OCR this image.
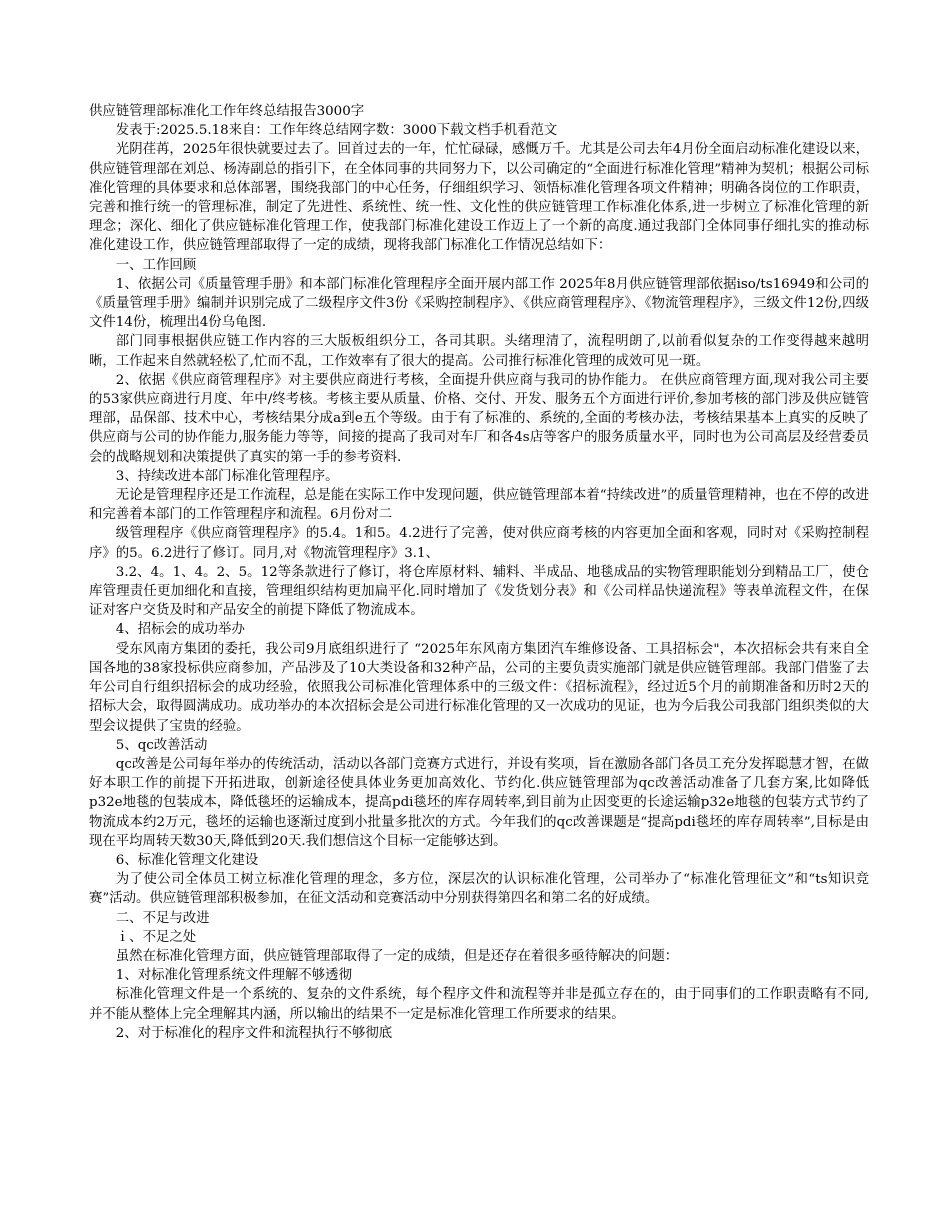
供应链管理部标准化工作年终总结报告3000字

发表于:2025.5.18来自：工作年终总结网字数：3000下载文档手机看范文

光阴荏苒，2025年很快就要过去了。回首过去的一年，忙忙碌碌，感慨万千。尤其是公司去年4月份全面启动标准化建设以来，供应链管理部在刘总、杨涛副总的指引下，在全体同事的共同努力下，以公司确定的“全面进行标准化管理”精神为契机；根据公司标准化管理的具体要求和总体部署，围绕我部门的中心任务，仔细组织学习、领悟标准化管理各项文件精神；明确各岗位的工作职责，完善和推行统一的管理标准，制定了先进性、系统性、统一性、文化性的供应链管理工作标准化体系,进一步树立了标准化管理的新理念；深化、细化了供应链标准化管理工作，使我部门标准化建设工作迈上了一个新的高度.通过我部门全体同事仔细扎实的推动标准化建设工作，供应链管理部取得了一定的成绩，现将我部门标准化工作情况总结如下：

一、工作回顾

1、依据公司《质量管理手册》和本部门标准化管理程序全面开展内部工作 2025年8月供应链管理部依据iso/ts16949和公司的《质量管理手册》编制并识别完成了二级程序文件3份《采购控制程序》、《供应商管理程序》、《物流管理程序》，三级文件12份,四级文件14份，梳理出4份乌龟图.

部门同事根据供应链工作内容的三大版板组织分工，各司其职。头绪理清了，流程明朗了,以前看似复杂的工作变得越来越明晰，工作起来自然就轻松了,忙而不乱，工作效率有了很大的提高。公司推行标准化管理的成效可见一斑。

2、依据《供应商管理程序》对主要供应商进行考核，全面提升供应商与我司的协作能力。 在供应商管理方面,现对我公司主要的53家供应商进行月度、年中/终考核。考核主要从质量、价格、交付、开发、服务五个方面进行评价,参加考核的部门涉及供应链管理部，品保部、技术中心，考核结果分成a到e五个等级。由于有了标准的、系统的,全面的考核办法，考核结果基本上真实的反映了供应商与公司的协作能力,服务能力等等，间接的提高了我司对车厂和各4s店等客户的服务质量水平，同时也为公司高层及经营委员会的战略规划和决策提供了真实的第一手的参考资料.

3、持续改进本部门标准化管理程序。

无论是管理程序还是工作流程，总是能在实际工作中发现问题，供应链管理部本着“持续改进”的质量管理精神，也在不停的改进和完善着本部门的工作管理程序和流程。6月份对二

级管理程序《供应商管理程序》的5.4。1和5。4.2进行了完善，使对供应商考核的内容更加全面和客观，同时对《采购控制程序》的5。6.2进行了修订。同月,对《物流管理程序》3.1、

3.2、4。1、4。2、5。12等条款进行了修订，将仓库原材料、辅料、半成品、地毯成品的实物管理职能划分到精品工厂，使仓库管理责任更加细化和直接，管理组织结构更加扁平化.同时增加了《发货划分表》和《公司样品快递流程》等表单流程文件，在保证对客户交货及时和产品安全的前提下降低了物流成本。

4、招标会的成功举办

受东风南方集团的委托，我公司9月底组织进行了 “2025年东风南方集团汽车维修设备、工具招标会"，本次招标会共有来自全国各地的38家投标供应商参加，产品涉及了10大类设备和32种产品，公司的主要负责实施部门就是供应链管理部。我部门借鉴了去年公司自行组织招标会的成功经验，依照我公司标准化管理体系中的三级文件：《招标流程》，经过近5个月的前期准备和历时2天的招标大会，取得圆满成功。成功举办的本次招标会是公司进行标准化管理的又一次成功的见证，也为今后我公司我部门组织类似的大型会议提供了宝贵的经验。

5、qc改善活动

qc改善是公司每年举办的传统活动，活动以各部门竞赛方式进行，并设有奖项，旨在激励各部门各员工充分发挥聪慧才智，在做好本职工作的前提下开拓进取，创新途径使具体业务更加高效化、节约化.供应链管理部为qc改善活动准备了几套方案,比如降低p32e地毯的包装成本，降低毯坯的运输成本，提高pdi毯坯的库存周转率,到目前为止因变更的长途运输p32e地毯的包装方式节约了物流成本约2万元，毯坯的运输也逐渐过度到小批量多批次的方式。今年我们的qc改善课题是“提高pdi毯坯的库存周转率”,目标是由现在平均周转天数30天,降低到20天.我们想信这个目标一定能够达到。

6、标准化管理文化建设

为了使公司全体员工树立标准化管理的理念，多方位，深层次的认识标准化管理，公司举办了“标准化管理征文”和“ts知识竞赛”活动。供应链管理部积极参加，在征文活动和竞赛活动中分别获得第四名和第二名的好成绩。

二、不足与改进

ｉ、不足之处

虽然在标准化管理方面，供应链管理部取得了一定的成绩，但是还存在着很多亟待解决的问题：

1、对标准化管理系统文件理解不够透彻

标准化管理文件是一个系统的、复杂的文件系统，每个程序文件和流程等并非是孤立存在的，由于同事们的工作职责略有不同,并不能从整体上完全理解其内涵，所以输出的结果不一定是标准化管理工作所要求的结果。

2、对于标准化的程序文件和流程执行不够彻底
